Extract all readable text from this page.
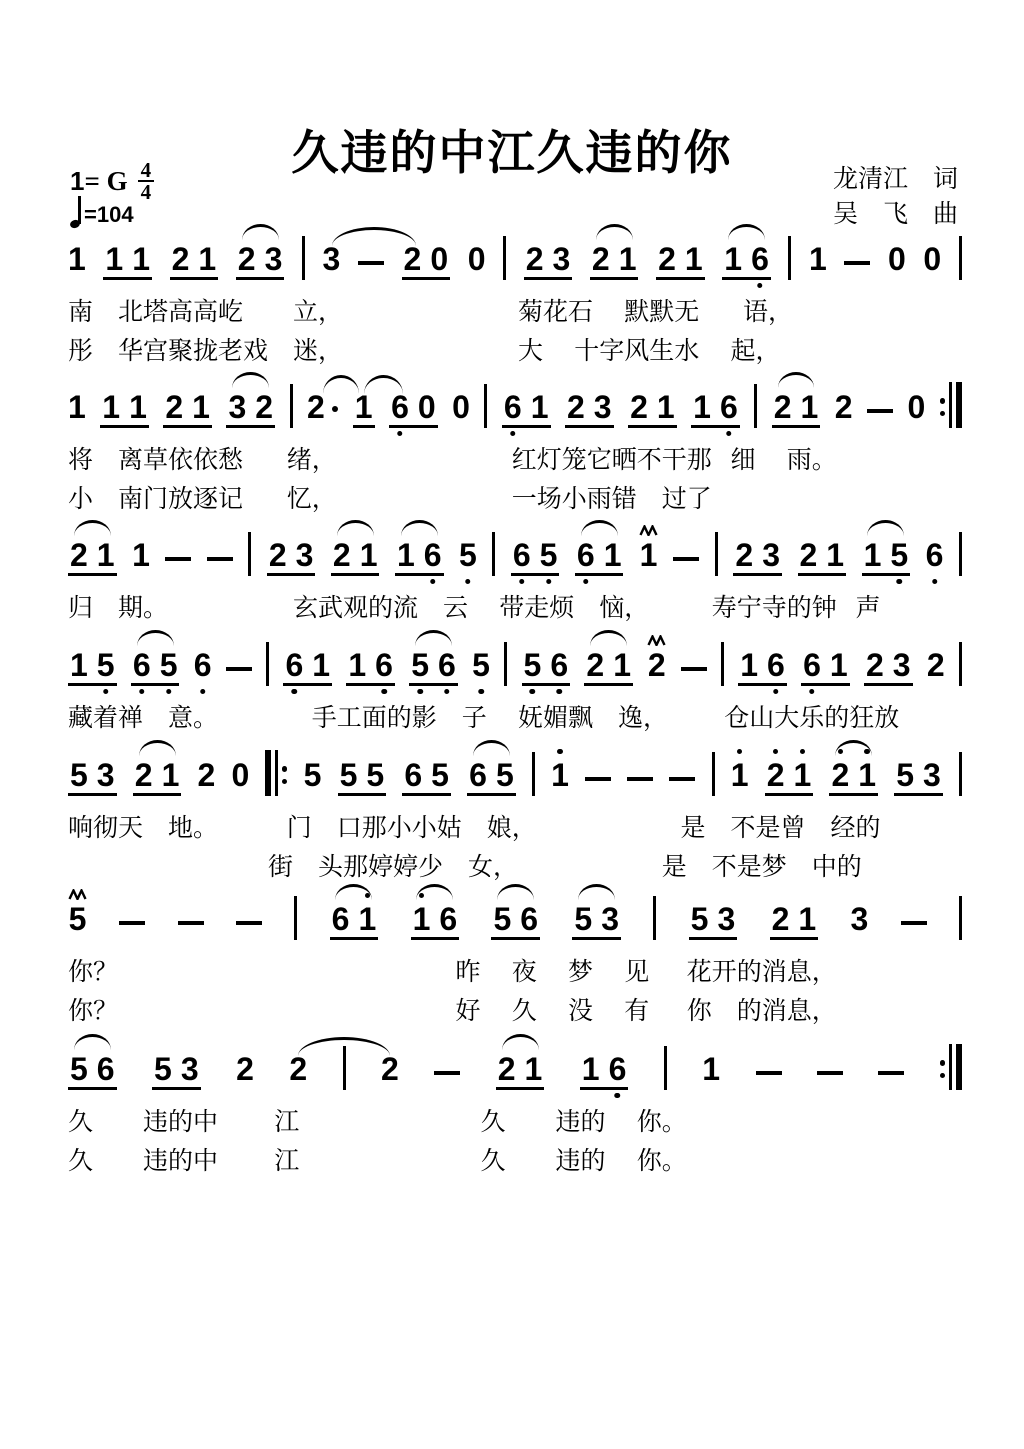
久违的中江久违的你
1= G $\frac{4}{4}$
=104
龙清江　词
吴　飞　曲
1 1 1 2 1 2 3 3 2 0 0 2 3 2 1 2 1 1 6 1 0 0
南    北塔高高屹        立，                            菊花石     默默无       语，
彤    华宫聚拢老戏    迷，                            大     十字风生水     起，
1 1 1 2 1 3 2 2 1 6 0 0 6 1 2 3 2 1 1 6 2 1 2 0
将    离草依依愁       绪，                            红灯笼它晒不干那   细     雨。
小    南门放逐记       忆，                            一场小雨错    过了
2 1 1	2 3 2 1 1 6 5 6 5 6 1 1 2 3 2 1 1 5 6
归    期。                    玄武观的流    云     带走烦    恼，          寿宁寺的钟   声
1 5 6 5 6 6 1 1 6 5 6 5 5 6 2 1 2 1 6 6 1 2 3 2
藏着禅    意。               手工面的影    子     妩媚飘    逸，         仓山大乐的狂放
5 3 2 1 2 0 5 5 5 6 5 6 5 1	1 2 1 2 1 5 3
响彻天    地。           门    口那小小姑    娘，                       是    不是曾    经的
街    头那婷婷少    女，                       是    不是梦    中的
5	6 1 1 6 5 6 5 3 5 3 2 1 3
你？                                                      昨     夜     梦     见      花开的消息，
你？                                                      好     久     没     有      你    的消息，
5 6 5 3 2 2 2	2 1 1 6 1
久        违的中         江                             久        违的     你。
久        违的中         江                             久        违的     你。
